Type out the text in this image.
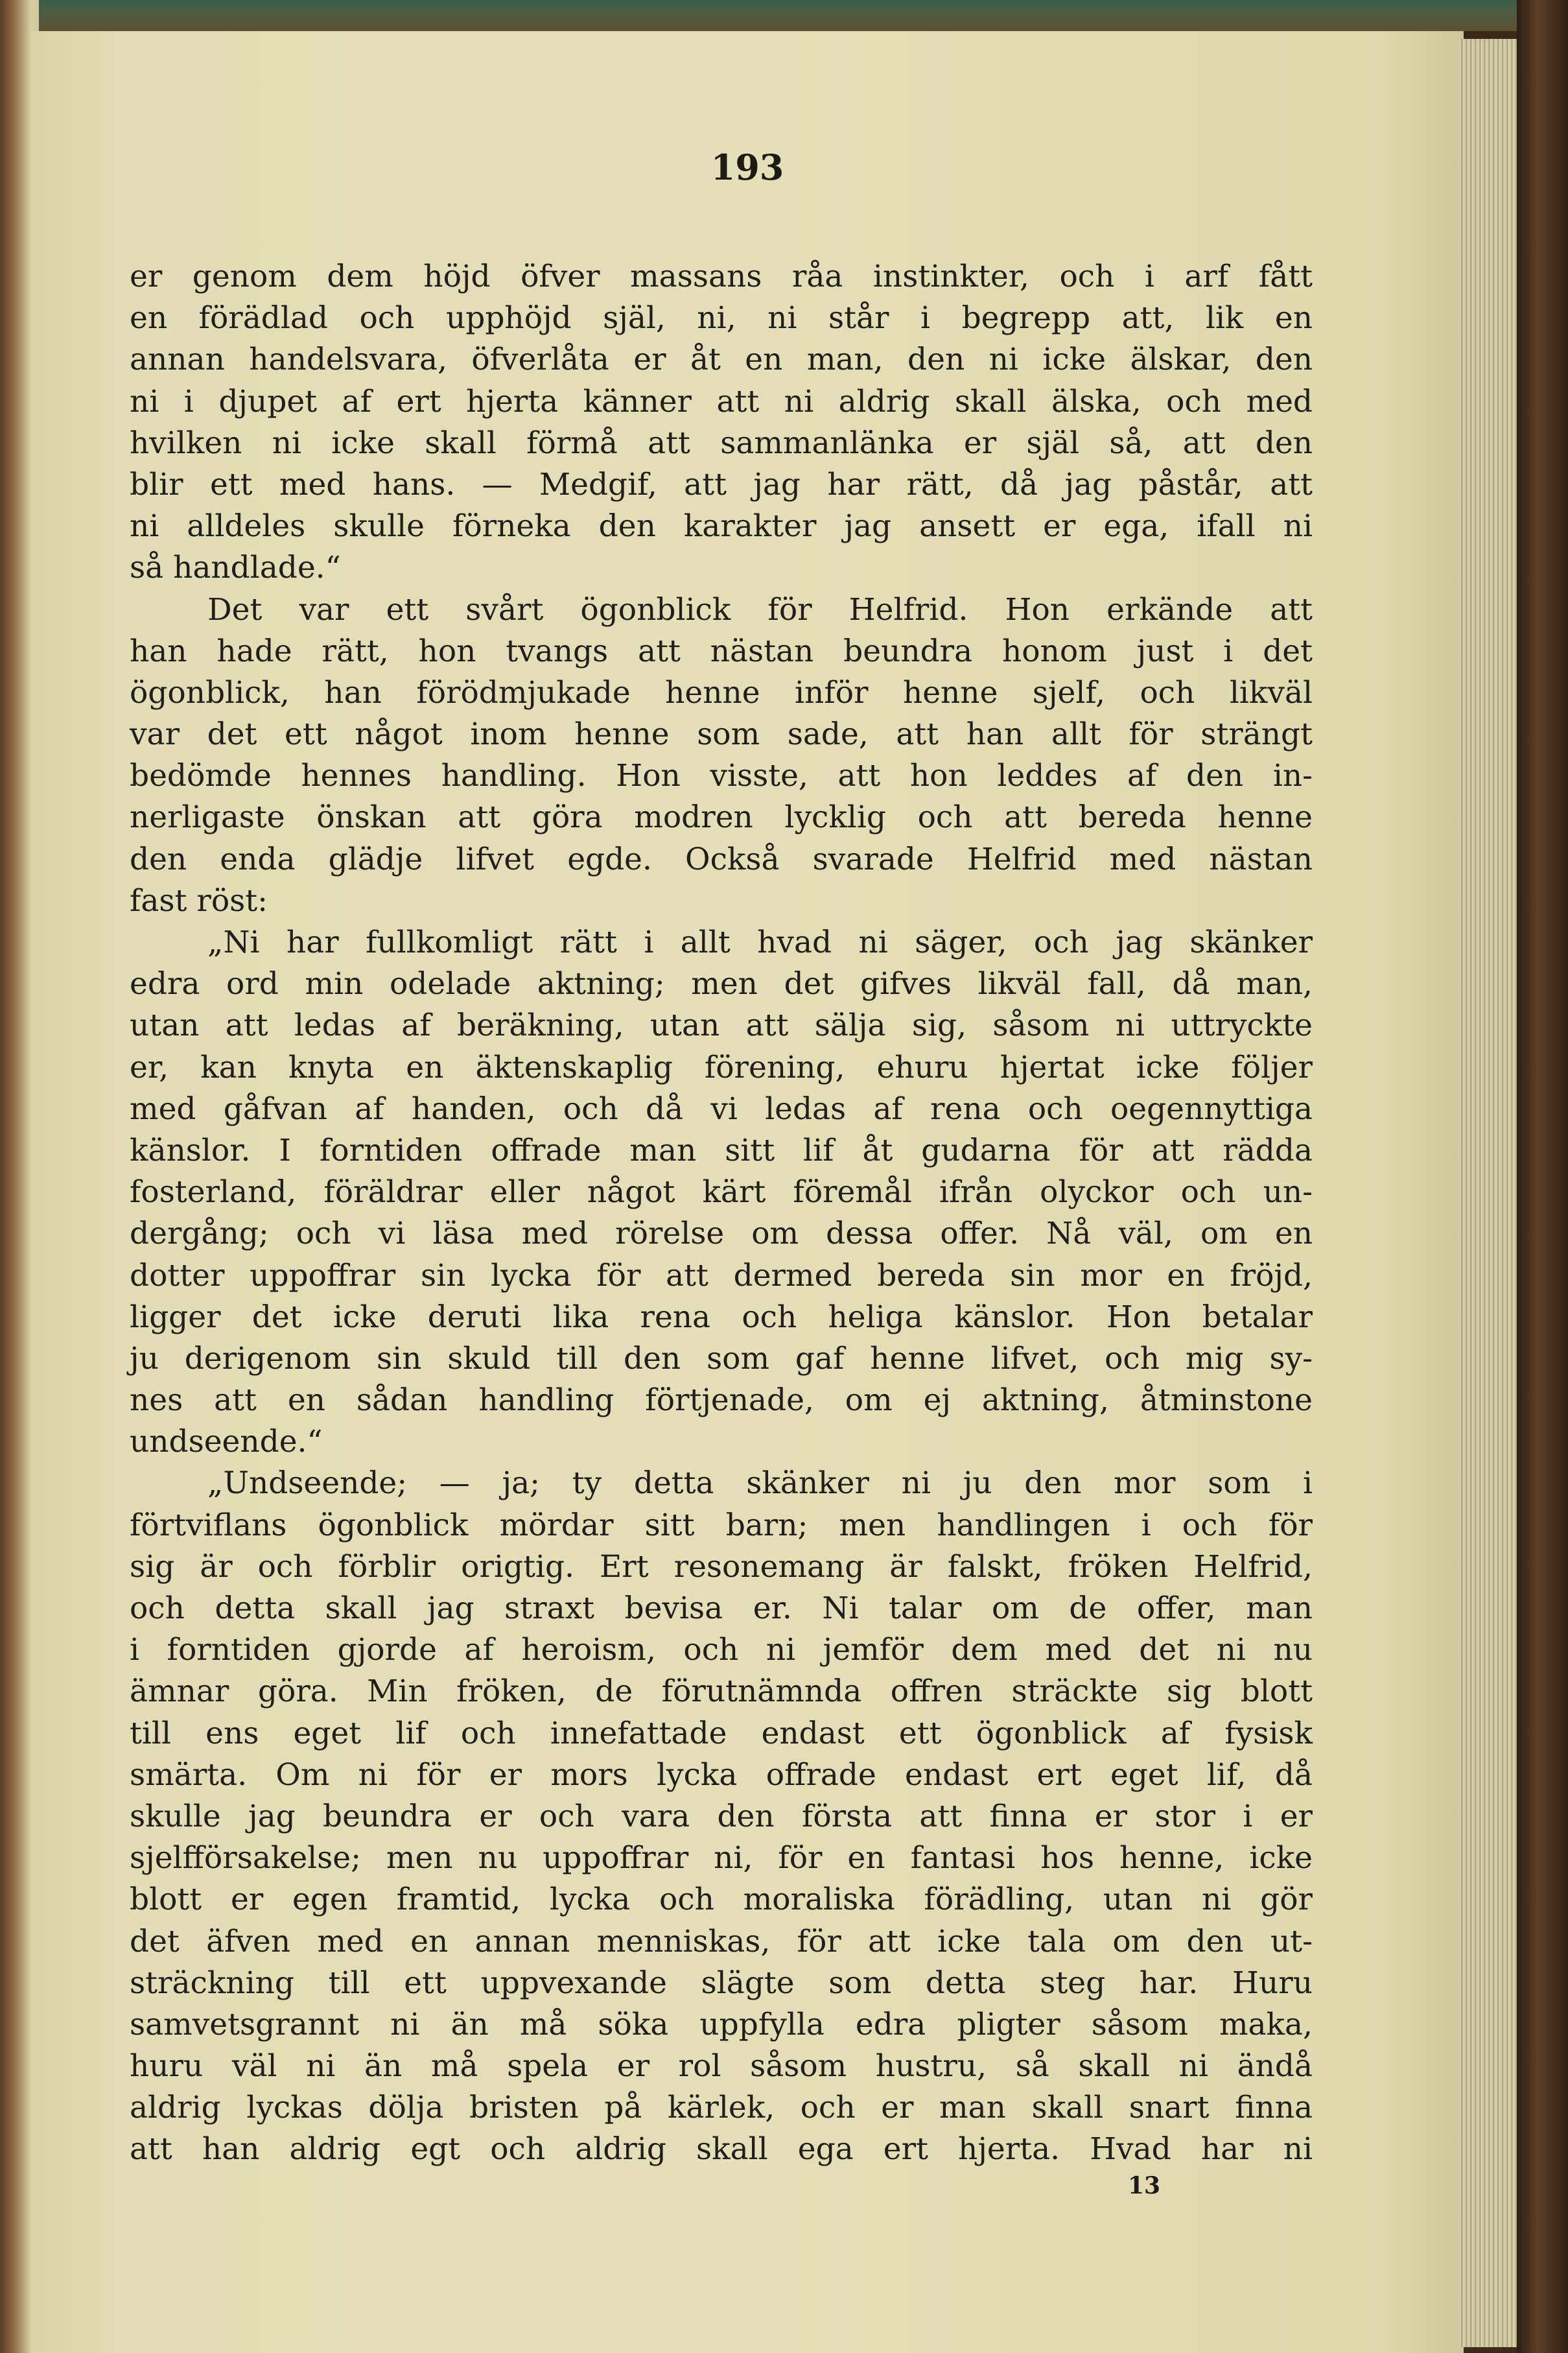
193
er genom dem höjd öfver massans råa instinkter, och i arf fått
en förädlad och upphöjd själ, ni, ni står i begrepp att, lik en
annan handelsvara, öfverlåta er åt en man, den ni icke älskar, den
ni i djupet af ert hjerta känner att ni aldrig skall älska, och med
hvilken ni icke skall förmå att sammanlänka er själ så, att den
blir ett med hans. — Medgif, att jag har rätt, då jag påstår, att
ni alldeles skulle förneka den karakter jag ansett er ega, ifall ni
så handlade.“
Det var ett svårt ögonblick för Helfrid. Hon erkände att
han hade rätt, hon tvangs att nästan beundra honom just i det
ögonblick, han förödmjukade henne inför henne sjelf, och likväl
var det ett något inom henne som sade, att han allt för strängt
bedömde hennes handling. Hon visste, att hon leddes af den in-
nerligaste önskan att göra modren lycklig och att bereda henne
den enda glädje lifvet egde. Också svarade Helfrid med nästan
fast röst:
„Ni har fullkomligt rätt i allt hvad ni säger, och jag skänker
edra ord min odelade aktning; men det gifves likväl fall, då man,
utan att ledas af beräkning, utan att sälja sig, såsom ni uttryckte
er, kan knyta en äktenskaplig förening, ehuru hjertat icke följer
med gåfvan af handen, och då vi ledas af rena och oegennyttiga
känslor. I forntiden offrade man sitt lif åt gudarna för att rädda
fosterland, föräldrar eller något kärt föremål ifrån olyckor och un-
dergång; och vi läsa med rörelse om dessa offer. Nå väl, om en
dotter uppoffrar sin lycka för att dermed bereda sin mor en fröjd,
ligger det icke deruti lika rena och heliga känslor. Hon betalar
ju derigenom sin skuld till den som gaf henne lifvet, och mig sy-
nes att en sådan handling förtjenade, om ej aktning, åtminstone
undseende.“
„Undseende; — ja; ty detta skänker ni ju den mor som i
förtviflans ögonblick mördar sitt barn; men handlingen i och för
sig är och förblir origtig. Ert resonemang är falskt, fröken Helfrid,
och detta skall jag straxt bevisa er. Ni talar om de offer, man
i forntiden gjorde af heroism, och ni jemför dem med det ni nu
ämnar göra. Min fröken, de förutnämnda offren sträckte sig blott
till ens eget lif och innefattade endast ett ögonblick af fysisk
smärta. Om ni för er mors lycka offrade endast ert eget lif, då
skulle jag beundra er och vara den första att finna er stor i er
sjelfförsakelse; men nu uppoffrar ni, för en fantasi hos henne, icke
blott er egen framtid, lycka och moraliska förädling, utan ni gör
det äfven med en annan menniskas, för att icke tala om den ut-
sträckning till ett uppvexande slägte som detta steg har. Huru
samvetsgrannt ni än må söka uppfylla edra pligter såsom maka,
huru väl ni än må spela er rol såsom hustru, så skall ni ändå
aldrig lyckas dölja bristen på kärlek, och er man skall snart finna
att han aldrig egt och aldrig skall ega ert hjerta. Hvad har ni
13
